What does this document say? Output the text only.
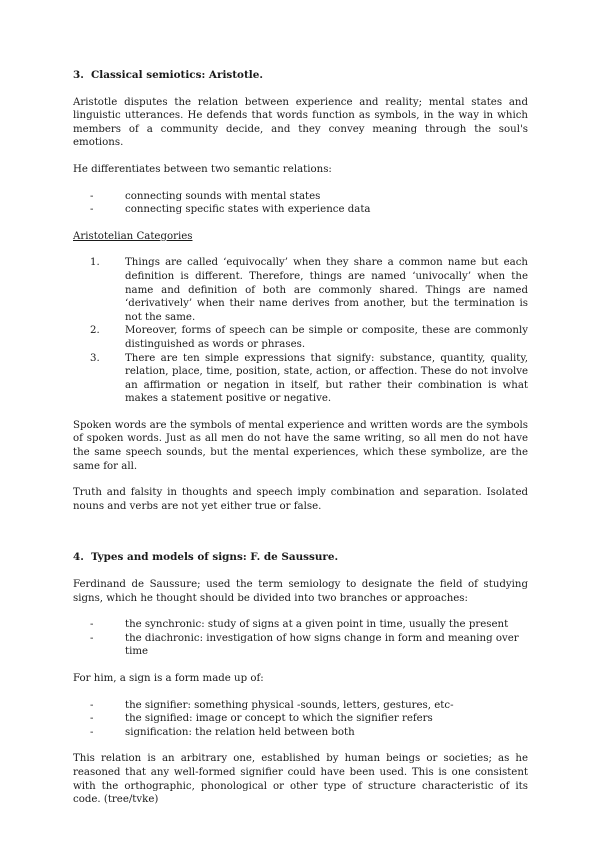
3. Classical semiotics: Aristotle.

Aristotle disputes the relation between experience and reality; mental states and linguistic utterances. He defends that words function as symbols, in the way in which members of a community decide, and they convey meaning through the soul's emotions.

He differentiates between two semantic relations:

- connecting sounds with mental states
- connecting specific states with experience data

Aristotelian Categories

1. Things are called ‘equivocally’ when they share a common name but each definition is different. Therefore, things are named ‘univocally’ when the name and definition of both are commonly shared. Things are named ‘derivatively’ when their name derives from another, but the termination is not the same.
2. Moreover, forms of speech can be simple or composite, these are commonly distinguished as words or phrases.
3. There are ten simple expressions that signify: substance, quantity, quality, relation, place, time, position, state, action, or affection. These do not involve an affirmation or negation in itself, but rather their combination is what makes a statement positive or negative.

Spoken words are the symbols of mental experience and written words are the symbols of spoken words. Just as all men do not have the same writing, so all men do not have the same speech sounds, but the mental experiences, which these symbolize, are the same for all.

Truth and falsity in thoughts and speech imply combination and separation. Isolated nouns and verbs are not yet either true or false.

4. Types and models of signs: F. de Saussure.

Ferdinand de Saussure; used the term semiology to designate the field of studying signs, which he thought should be divided into two branches or approaches:

- the synchronic: study of signs at a given point in time, usually the present
- the diachronic: investigation of how signs change in form and meaning over time

For him, a sign is a form made up of:

- the signifier: something physical -sounds, letters, gestures, etc-
- the signified: image or concept to which the signifier refers
- signification: the relation held between both

This relation is an arbitrary one, established by human beings or societies; as he reasoned that any well-formed signifier could have been used. This is one consistent with the orthographic, phonological or other type of structure characteristic of its code. (tree/tvke)
